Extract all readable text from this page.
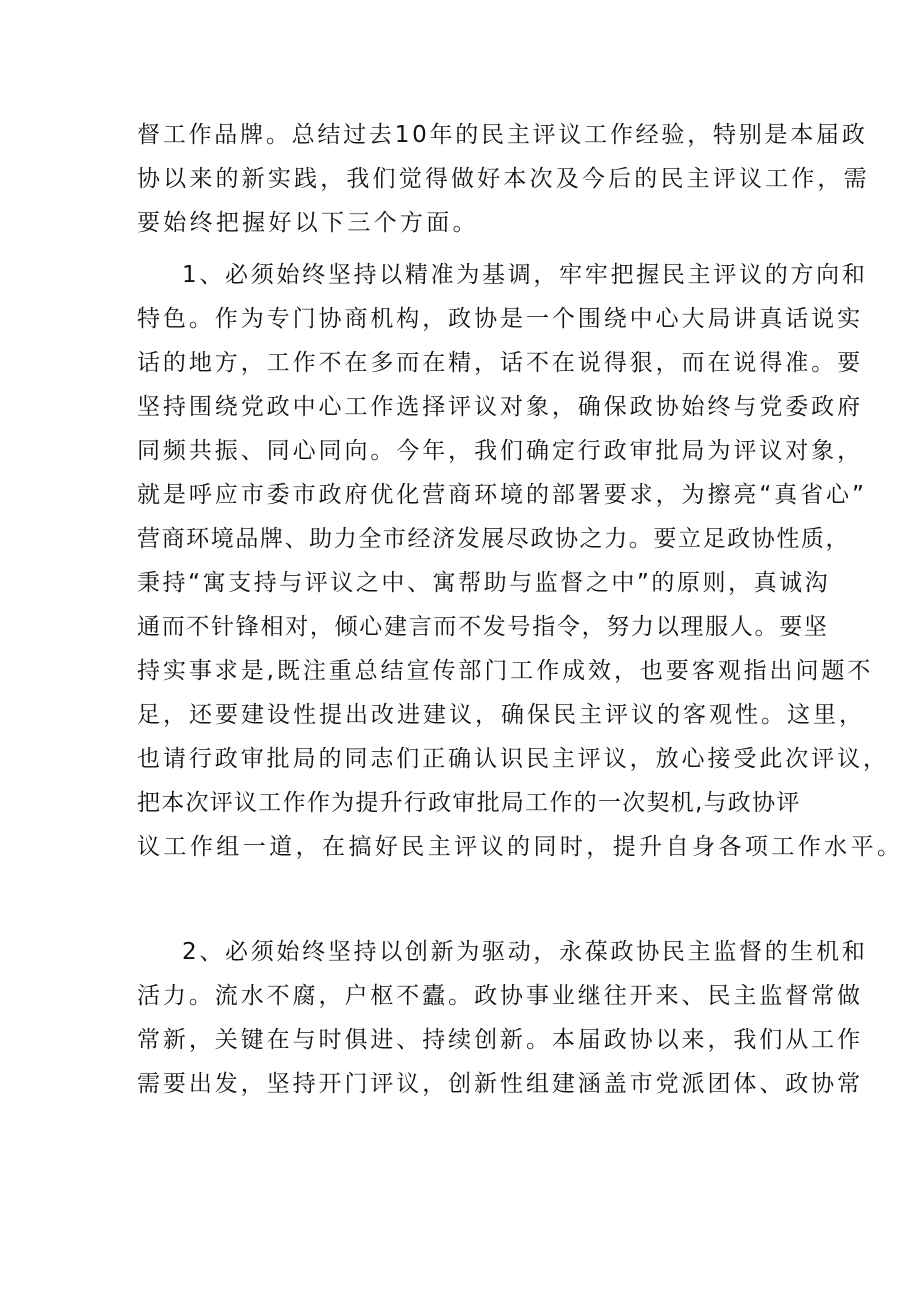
督工作品牌。总结过去10年的民主评议工作经验，特别是本届政
协以来的新实践，我们觉得做好本次及今后的民主评议工作，需
要始终把握好以下三个方面。
1、必须始终坚持以精准为基调，牢牢把握民主评议的方向和
特色。作为专门协商机构，政协是一个围绕中心大局讲真话说实
话的地方，工作不在多而在精，话不在说得狠，而在说得准。要
坚持围绕党政中心工作选择评议对象，确保政协始终与党委政府
同频共振、同心同向。今年，我们确定行政审批局为评议对象，
就是呼应市委市政府优化营商环境的部署要求，为擦亮“真省心”
营商环境品牌、助力全市经济发展尽政协之力。要立足政协性质，
秉持“寓支持与评议之中、寓帮助与监督之中”的原则，真诚沟
通而不针锋相对，倾心建言而不发号指令，努力以理服人。要坚
持实事求是,既注重总结宣传部门工作成效，也要客观指出问题不
足，还要建设性提出改进建议，确保民主评议的客观性。这里，
也请行政审批局的同志们正确认识民主评议，放心接受此次评议，
把本次评议工作作为提升行政审批局工作的一次契机,与政协评
议工作组一道，在搞好民主评议的同时，提升自身各项工作水平。
2、必须始终坚持以创新为驱动，永葆政协民主监督的生机和
活力。流水不腐，户枢不蠹。政协事业继往开来、民主监督常做
常新，关键在与时俱进、持续创新。本届政协以来，我们从工作
需要出发，坚持开门评议，创新性组建涵盖市党派团体、政协常
